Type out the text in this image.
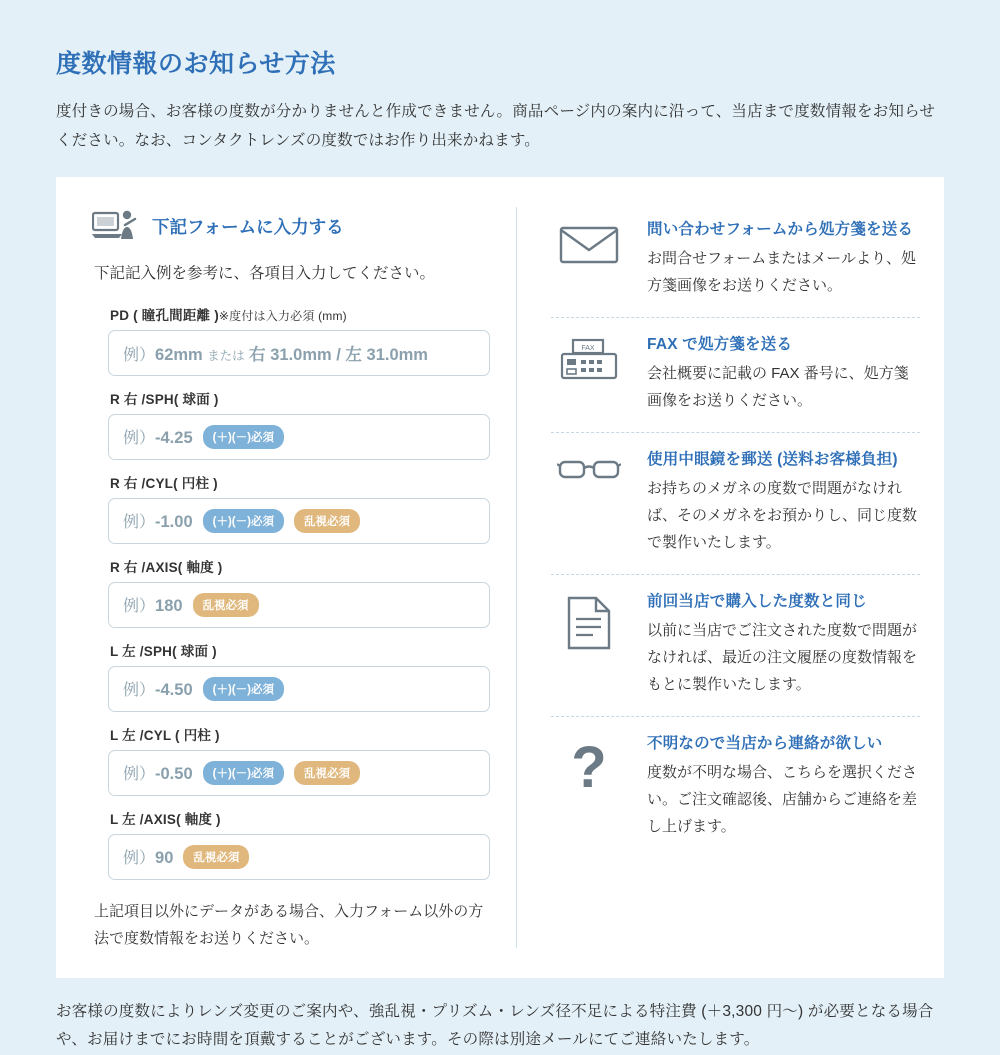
度数情報のお知らせ方法

度付きの場合、お客様の度数が分かりませんと作成できません。商品ページ内の案内に沿って、当店まで度数情報をお知らせください。なお、コンタクトレンズの度数ではお作り出来かねます。

下記フォームに入力する
下記記入例を参考に、各項目入力してください。
PD ( 瞳孔間距離 )※度付は入力必須 (mm)
例）62mm または 右 31.0mm / 左 31.0mm
R 右 /SPH( 球面 )
例）-4.25	(＋)(－)必須
R 右 /CYL( 円柱 )
例）-1.00	(＋)(－)必須	乱視必須
R 右 /AXIS( 軸度 )
例）180	乱視必須
L 左 /SPH( 球面 )
例）-4.50	(＋)(－)必須
L 左 /CYL ( 円柱 )
例）-0.50	(＋)(－)必須	乱視必須
L 左 /AXIS( 軸度 )
例）90	乱視必須
上記項目以外にデータがある場合、入力フォーム以外の方法で度数情報をお送りください。
問い合わせフォームから処方箋を送る
お問合せフォームまたはメールより、処方箋画像をお送りください。
FAX	FAX で処方箋を送る
会社概要に記載の FAX 番号に、処方箋画像をお送りください。
使用中眼鏡を郵送 (送料お客様負担)
お持ちのメガネの度数で問題がなければ、そのメガネをお預かりし、同じ度数で製作いたします。
前回当店で購入した度数と同じ
以前に当店でご注文された度数で問題がなければ、最近の注文履歴の度数情報をもとに製作いたします。
?	不明なので当店から連絡が欲しい
度数が不明な場合、こちらを選択ください。ご注文確認後、店舗からご連絡を差し上げます。
お客様の度数によりレンズ変更のご案内や、強乱視・プリズム・レンズ径不足による特注費 (＋3,300 円〜) が必要となる場合や、お届けまでにお時間を頂戴することがございます。その際は別途メールにてご連絡いたします。
